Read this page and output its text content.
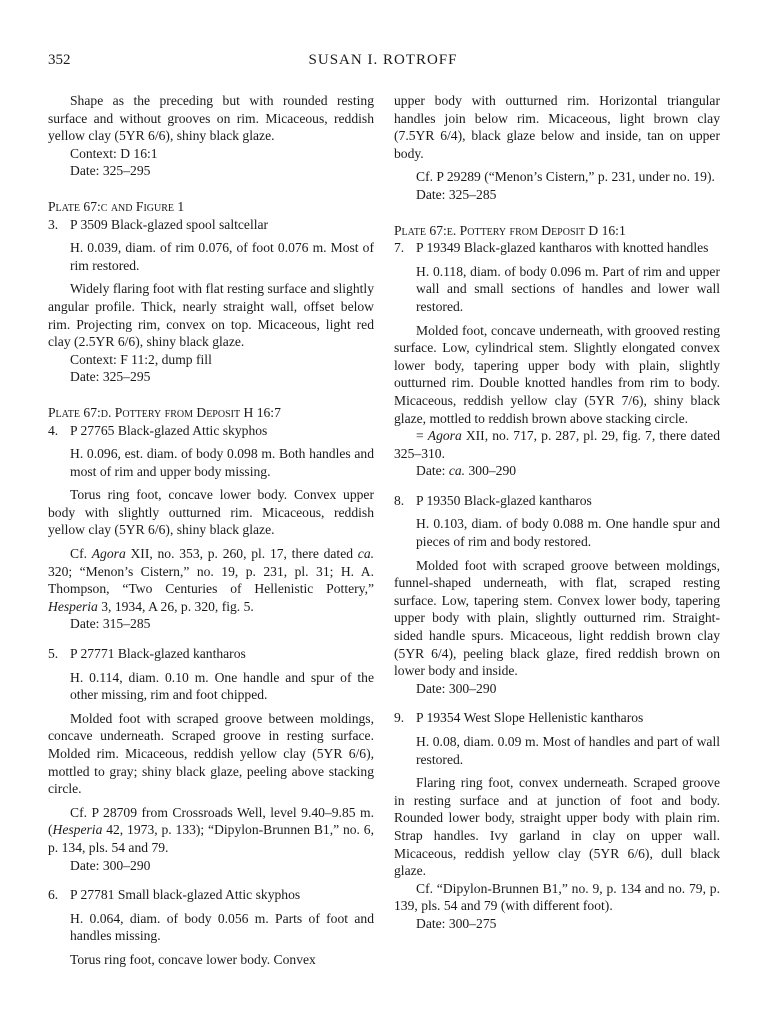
352	SUSAN I. ROTROFF

Shape as the preceding but with rounded resting surface and without grooves on rim. Micaceous, reddish yellow clay (5YR 6/6), shiny black glaze.

Context: D 16:1

Date: 325–295

Plate 67:c and Figure 1

3. P 3509 Black-glazed spool saltcellar

H. 0.039, diam. of rim 0.076, of foot 0.076 m. Most of rim restored.

Widely flaring foot with flat resting surface and slightly angular profile. Thick, nearly straight wall, offset below rim. Projecting rim, convex on top. Micaceous, light red clay (2.5YR 6/6), shiny black glaze.

Context: F 11:2, dump fill

Date: 325–295

Plate 67:d. Pottery from Deposit H 16:7

4. P 27765 Black-glazed Attic skyphos

H. 0.096, est. diam. of body 0.098 m. Both handles and most of rim and upper body missing.

Torus ring foot, concave lower body. Convex upper body with slightly outturned rim. Micaceous, reddish yellow clay (5YR 6/6), shiny black glaze.

Cf. Agora XII, no. 353, p. 260, pl. 17, there dated ca. 320; “Menon’s Cistern,” no. 19, p. 231, pl. 31; H. A. Thompson, “Two Centuries of Hellenistic Pottery,” Hesperia 3, 1934, A 26, p. 320, fig. 5.

Date: 315–285

5. P 27771 Black-glazed kantharos

H. 0.114, diam. 0.10 m. One handle and spur of the other missing, rim and foot chipped.

Molded foot with scraped groove between moldings, concave underneath. Scraped groove in resting surface. Molded rim. Micaceous, reddish yellow clay (5YR 6/6), mottled to gray; shiny black glaze, peeling above stacking circle.

Cf. P 28709 from Crossroads Well, level 9.40–9.85 m. (Hesperia 42, 1973, p. 133); “Dipylon-Brunnen B1,” no. 6, p. 134, pls. 54 and 79.

Date: 300–290

6. P 27781 Small black-glazed Attic skyphos

H. 0.064, diam. of body 0.056 m. Parts of foot and handles missing.

Torus ring foot, concave lower body. Convex

upper body with outturned rim. Horizontal triangular handles join below rim. Micaceous, light brown clay (7.5YR 6/4), black glaze below and inside, tan on upper body.

Cf. P 29289 (“Menon’s Cistern,” p. 231, under no. 19).

Date: 325–285

Plate 67:e. Pottery from Deposit D 16:1

7. P 19349 Black-glazed kantharos with knotted handles

H. 0.118, diam. of body 0.096 m. Part of rim and upper wall and small sections of handles and lower wall restored.

Molded foot, concave underneath, with grooved resting surface. Low, cylindrical stem. Slightly elongated convex lower body, tapering upper body with plain, slightly outturned rim. Double knotted handles from rim to body. Micaceous, reddish yellow clay (5YR 7/6), shiny black glaze, mottled to reddish brown above stacking circle.

= Agora XII, no. 717, p. 287, pl. 29, fig. 7, there dated 325–310.

Date: ca. 300–290

8. P 19350 Black-glazed kantharos

H. 0.103, diam. of body 0.088 m. One handle spur and pieces of rim and body restored.

Molded foot with scraped groove between moldings, funnel-shaped underneath, with flat, scraped resting surface. Low, tapering stem. Convex lower body, tapering upper body with plain, slightly outturned rim. Straight-sided handle spurs. Micaceous, light reddish brown clay (5YR 6/4), peeling black glaze, fired reddish brown on lower body and inside.

Date: 300–290

9. P 19354 West Slope Hellenistic kantharos

H. 0.08, diam. 0.09 m. Most of handles and part of wall restored.

Flaring ring foot, convex underneath. Scraped groove in resting surface and at junction of foot and body. Rounded lower body, straight upper body with plain rim. Strap handles. Ivy garland in clay on upper wall. Micaceous, reddish yellow clay (5YR 6/6), dull black glaze.

Cf. “Dipylon-Brunnen B1,” no. 9, p. 134 and no. 79, p. 139, pls. 54 and 79 (with different foot).

Date: 300–275
